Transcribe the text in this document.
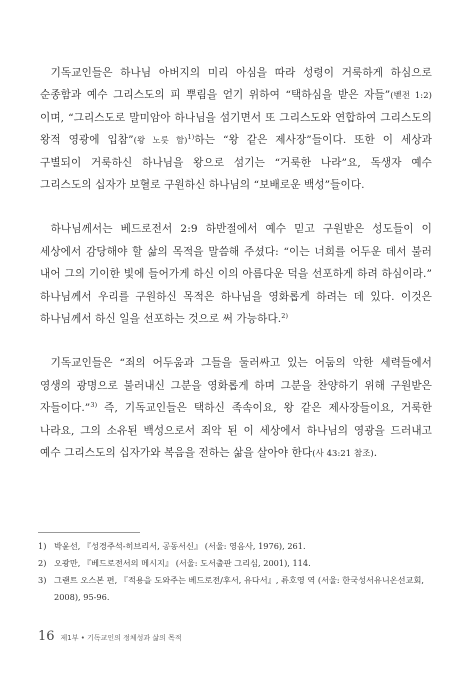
기독교인들은 하나님 아버지의 미리 아심을 따라 성령이 거룩하게 하심으로 순종함과 예수 그리스도의 피 뿌림을 얻기 위하여 “택하심을 받은 자들”(벧전 1:2)이며, “그리스도로 말미암아 하나님을 섬기면서 또 그리스도와 연합하여 그리스도의 왕적 영광에 입참”(왕 노릇 함)$^{1)}$하는 “왕 같은 제사장”들이다. 또한 이 세상과 구별되이 거룩하신 하나님을 왕으로 섬기는 “거룩한 나라”요, 독생자 예수 그리스도의 십자가 보혈로 구원하신 하나님의 “보배로운 백성”들이다.

하나님께서는 베드로전서 2:9 하반절에서 예수 믿고 구원받은 성도들이 이 세상에서 감당해야 할 삶의 목적을 말씀해 주셨다: “이는 너희를 어두운 데서 불러 내어 그의 기이한 빛에 들어가게 하신 이의 아름다운 덕을 선포하게 하려 하심이라.” 하나님께서 우리를 구원하신 목적은 하나님을 영화롭게 하려는 데 있다. 이것은 하나님께서 하신 일을 선포하는 것으로 써 가능하다.$^{2)}$

기독교인들은 “죄의 어두움과 그들을 둘러싸고 있는 어둠의 악한 세력들에서 영생의 광명으로 불러내신 그분을 영화롭게 하며 그분을 찬양하기 위해 구원받은 자들이다.”$^{3)}$ 즉, 기독교인들은 택하신 족속이요, 왕 같은 제사장들이요, 거룩한 나라요, 그의 소유된 백성으로서 죄악 된 이 세상에서 하나님의 영광을 드러내고 예수 그리스도의 십자가와 복음을 전하는 삶을 살아야 한다(사 43:21 참조).

1) 박윤선, 『성경주석-히브리서, 공동서신』 (서울: 영음사, 1976), 261.
2) 오광만, 『베드로전서의 메시지』 (서울: 도서출판 그리심, 2001), 114.
3) 그랜트 오스본 편, 『적용을 도와주는 베드로전/후서, 유다서』, 류호영 역 (서울: 한국성서유니온선교회, 2008), 95-96.
16 제1부 • 기독교인의 정체성과 삶의 목적
